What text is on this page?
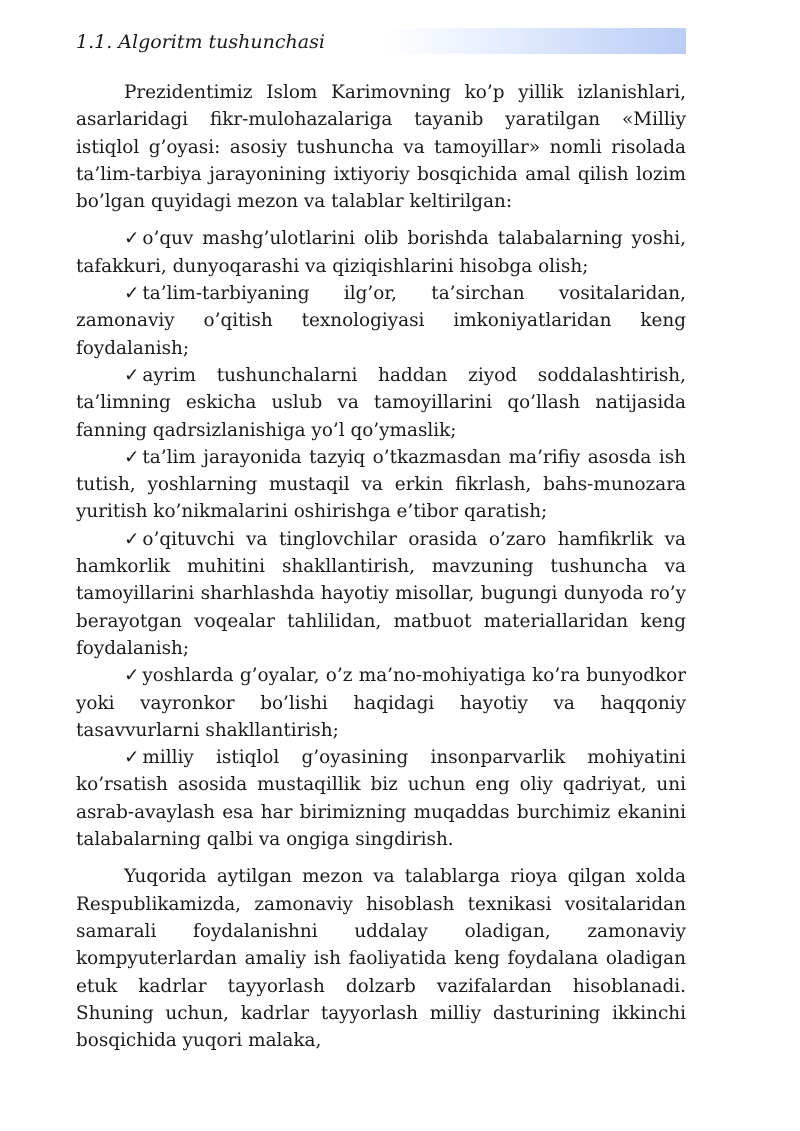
1.1. Algoritm tushunchasi

Prezidentimiz Islom Karimovning ko’p yillik izlanishlari, asarlaridagi fikr-mulohazalariga tayanib yaratilgan «Milliy istiqlol g’oyasi: asosiy tushuncha va tamoyillar» nomli risolada ta’lim-tarbiya jarayonining ixtiyoriy bosqichida amal qilish lozim bo’lgan quyidagi mezon va talablar keltirilgan:

✓ o’quv mashg’ulotlarini olib borishda talabalarning yoshi, tafakkuri, dunyoqarashi va qiziqishlarini hisobga olish;

✓ ta’lim-tarbiyaning ilg’or, ta’sirchan vositalaridan, zamonaviy o’qitish texnologiyasi imkoniyatlaridan keng foydalanish;

✓ ayrim tushunchalarni haddan ziyod soddalashtirish, ta’limning eskicha uslub va tamoyillarini qo’llash natijasida fanning qadrsizlanishiga yo’l qo’ymaslik;

✓ ta’lim jarayonida tazyiq o’tkazmasdan ma’rifiy asosda ish tutish, yoshlarning mustaqil va erkin fikrlash, bahs-munozara yuritish ko’nikmalarini oshirishga e’tibor qaratish;

✓ o’qituvchi va tinglovchilar orasida o’zaro hamfikrlik va hamkorlik muhitini shakllantirish, mavzuning tushuncha va tamoyillarini sharhlashda hayotiy misollar, bugungi dunyoda ro’y berayotgan voqealar tahlilidan, matbuot materiallaridan keng foydalanish;

✓ yoshlarda g’oyalar, o’z ma’no-mohiyatiga ko’ra bunyodkor yoki vayronkor bo’lishi haqidagi hayotiy va haqqoniy tasavvurlarni shakllantirish;

✓ milliy istiqlol g’oyasining insonparvarlik mohiyatini ko’rsatish asosida mustaqillik biz uchun eng oliy qadriyat, uni asrab-avaylash esa har birimizning muqaddas burchimiz ekanini talabalarning qalbi va ongiga singdirish.

Yuqorida aytilgan mezon va talablarga rioya qilgan xolda Respublikamizda, zamonaviy hisoblash texnikasi vositalaridan samarali foydalanishni uddalay oladigan, zamonaviy kompyuterlardan amaliy ish faoliyatida keng foydalana oladigan etuk kadrlar tayyorlash dolzarb vazifalardan hisoblanadi. Shuning uchun, kadrlar tayyorlash milliy dasturining ikkinchi bosqichida yuqori malaka,
